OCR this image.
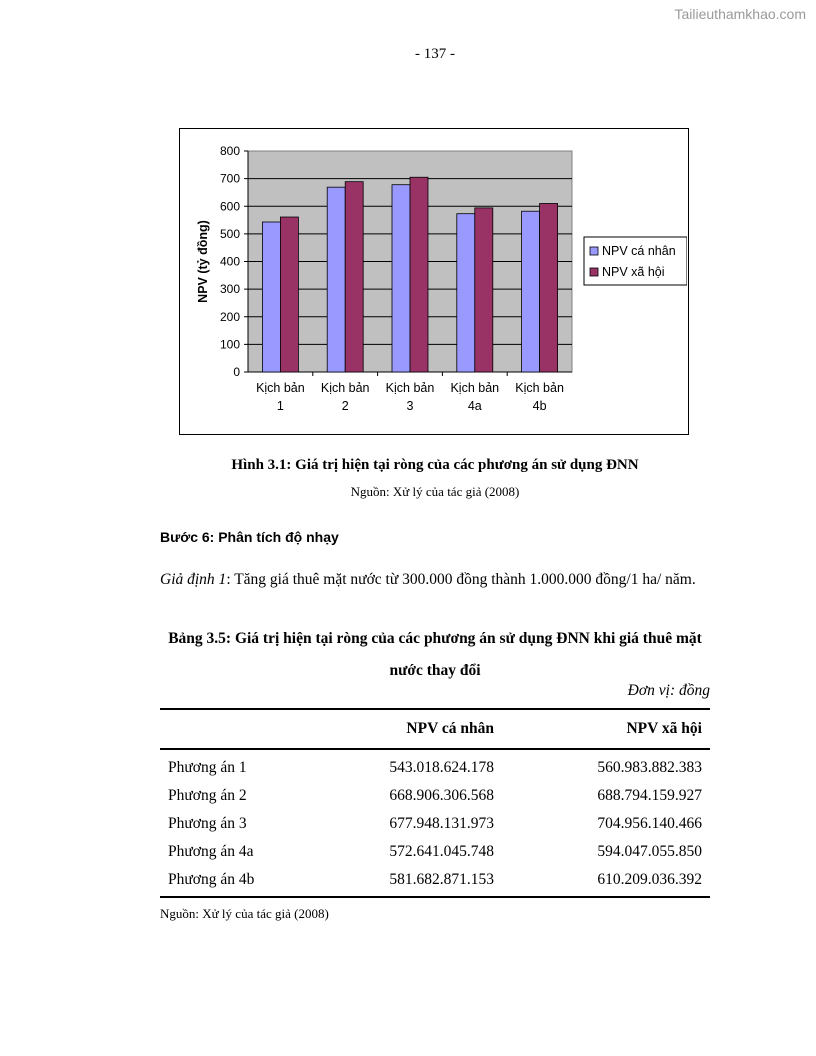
Tailieuthamkhao.com
- 137 -
0
100
200
300
400
500
600
700
800
Kịch bản
1
Kịch bản
2
Kịch bản
3
Kịch bản
4a
Kịch bản
4b
NPV (tỷ đồng)	NPV cá nhân
NPV xã hội
Hình 3.1: Giá trị hiện tại ròng của các phương án sử dụng ĐNN
Nguồn: Xử lý của tác giả (2008)
Bước 6: Phân tích độ nhạy
Giả định 1: Tăng giá thuê mặt nước từ 300.000 đồng thành 1.000.000 đồng/1 ha/ năm.
Bảng 3.5: Giá trị hiện tại ròng của các phương án sử dụng ĐNN khi giá thuê mặt nước thay đổi
Đơn vị: đồng
	NPV cá nhân	NPV xã hội
Phương án 1	543.018.624.178	560.983.882.383
Phương án 2	668.906.306.568	688.794.159.927
Phương án 3	677.948.131.973	704.956.140.466
Phương án 4a	572.641.045.748	594.047.055.850
Phương án 4b	581.682.871.153	610.209.036.392
Nguồn: Xử lý của tác giả (2008)
